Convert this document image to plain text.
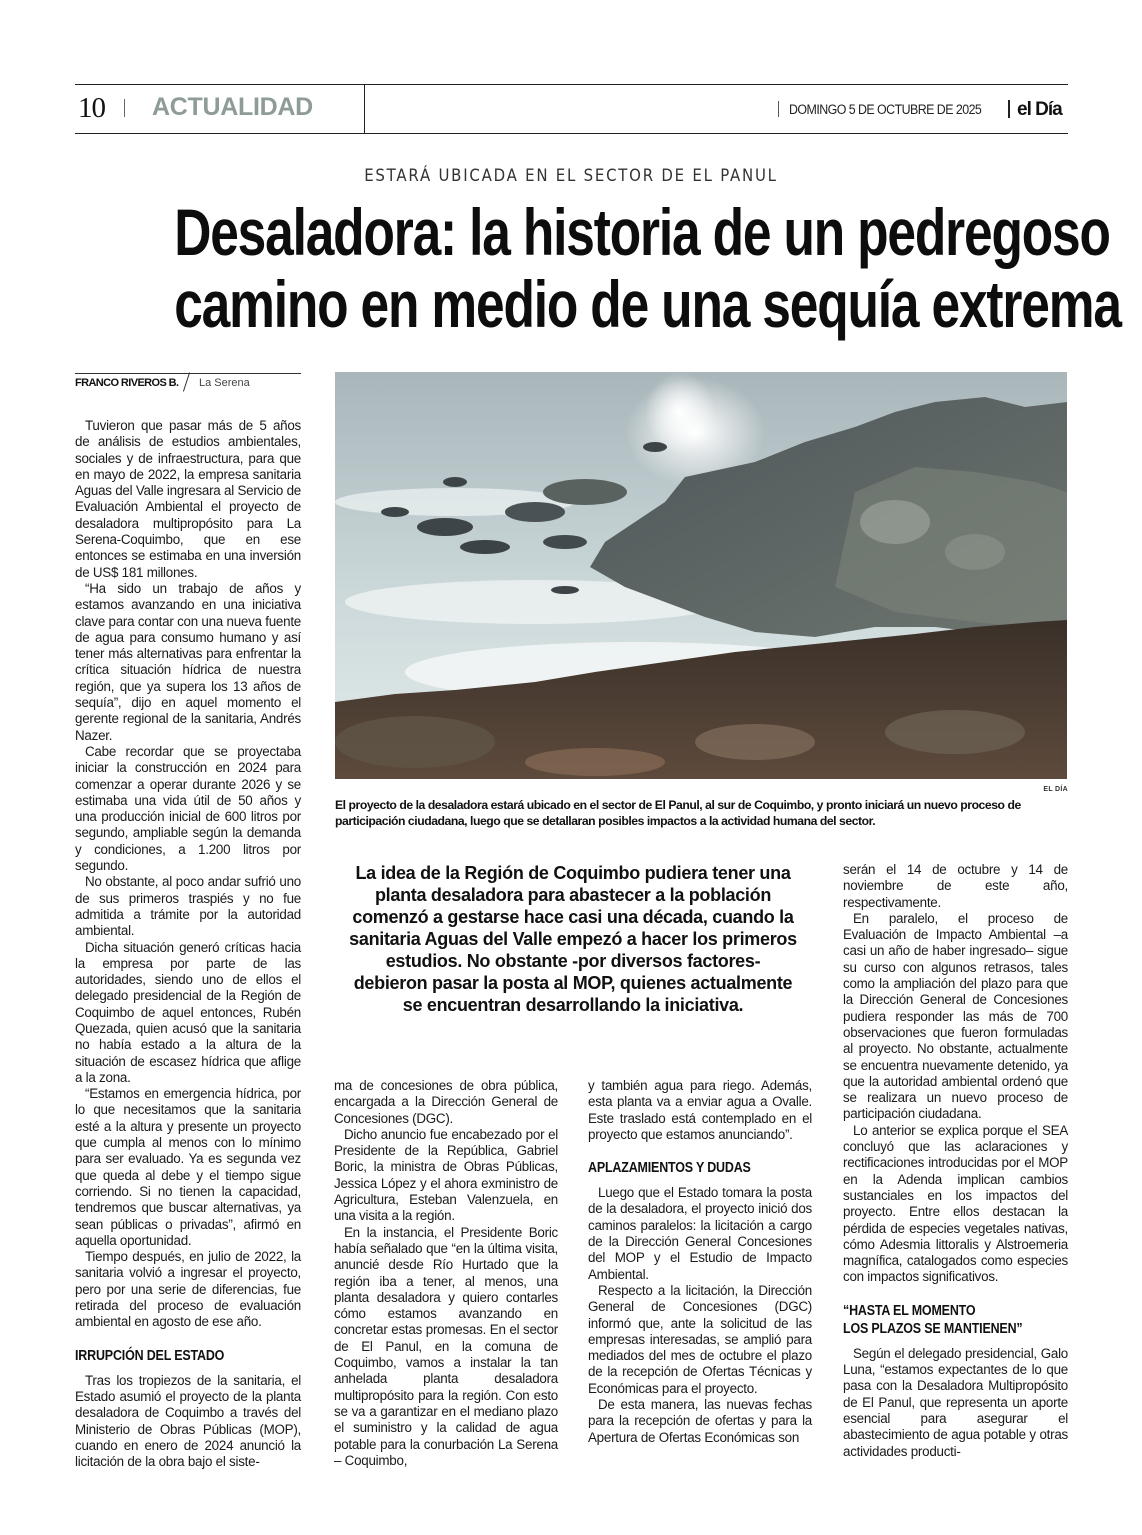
10 ACTUALIDAD	DOMINGO 5 DE OCTUBRE DE 2025 el Día
ESTARÁ UBICADA EN EL SECTOR DE EL PANUL
Desaladora: la historia de un pedregoso
camino en medio de una sequía extrema
FRANCO RIVEROS B. La Serena
EL DÍA
El proyecto de la desaladora estará ubicado en el sector de El Panul, al sur de Coquimbo, y pronto iniciará un nuevo proceso de participación ciudadana, luego que se detallaran posibles impactos a la actividad humana del sector.
La idea de la Región de Coquimbo pudiera tener una planta desaladora para abastecer a la población comenzó a gestarse hace casi una década, cuando la sanitaria Aguas del Valle empezó a hacer los primeros estudios. No obstante -por diversos factores- debieron pasar la posta al MOP, quienes actualmente se encuentran desarrollando la iniciativa.

Tuvieron que pasar más de 5 años de análisis de estudios ambientales, sociales y de infraestructura, para que en mayo de 2022, la empresa sanitaria Aguas del Valle ingresara al Servicio de Evaluación Ambiental el proyecto de desaladora multipropósito para La Serena-Coquimbo, que en ese entonces se estimaba en una inversión de US$ 181 millones.

“Ha sido un trabajo de años y estamos avanzando en una iniciativa clave para contar con una nueva fuente de agua para consumo humano y así tener más alternativas para enfrentar la crítica situación hídrica de nuestra región, que ya supera los 13 años de sequía”, dijo en aquel momento el gerente regional de la sanitaria, Andrés Nazer.

Cabe recordar que se proyectaba iniciar la construcción en 2024 para comenzar a operar durante 2026 y se estimaba una vida útil de 50 años y una producción inicial de 600 litros por segundo, ampliable según la demanda y condiciones, a 1.200 litros por segundo.

No obstante, al poco andar sufrió uno de sus primeros traspiés y no fue admitida a trámite por la autoridad ambiental.

Dicha situación generó críticas hacia la empresa por parte de las autoridades, siendo uno de ellos el delegado presidencial de la Región de Coquimbo de aquel entonces, Rubén Quezada, quien acusó que la sanitaria no había estado a la altura de la situación de escasez hídrica que aflige a la zona.

“Estamos en emergencia hídrica, por lo que necesitamos que la sanitaria esté a la altura y presente un proyecto que cumpla al menos con lo mínimo para ser evaluado. Ya es segunda vez que queda al debe y el tiempo sigue corriendo. Si no tienen la capacidad, tendremos que buscar alternativas, ya sean públicas o privadas”, afirmó en aquella oportunidad.

Tiempo después, en julio de 2022, la sanitaria volvió a ingresar el proyecto, pero por una serie de diferencias, fue retirada del proceso de evaluación ambiental en agosto de ese año.

IRRUPCIÓN DEL ESTADO

Tras los tropiezos de la sanitaria, el Estado asumió el proyecto de la planta desaladora de Coquimbo a través del Ministerio de Obras Públicas (MOP), cuando en enero de 2024 anunció la licitación de la obra bajo el siste-

ma de concesiones de obra pública, encargada a la Dirección General de Concesiones (DGC).

Dicho anuncio fue encabezado por el Presidente de la República, Gabriel Boric, la ministra de Obras Públicas, Jessica López y el ahora exministro de Agricultura, Esteban Valenzuela, en una visita a la región.

En la instancia, el Presidente Boric había señalado que “en la última visita, anuncié desde Río Hurtado que la región iba a tener, al menos, una planta desaladora y quiero contarles cómo estamos avanzando en concretar estas promesas. En el sector de El Panul, en la comuna de Coquimbo, vamos a instalar la tan anhelada planta desaladora multipropósito para la región. Con esto se va a garantizar en el mediano plazo el suministro y la calidad de agua potable para la conurbación La Serena – Coquimbo,

y también agua para riego. Además, esta planta va a enviar agua a Ovalle. Este traslado está contemplado en el proyecto que estamos anunciando”.

APLAZAMIENTOS Y DUDAS

Luego que el Estado tomara la posta de la desaladora, el proyecto inició dos caminos paralelos: la licitación a cargo de la Dirección General Concesiones del MOP y el Estudio de Impacto Ambiental.

Respecto a la licitación, la Dirección General de Concesiones (DGC) informó que, ante la solicitud de las empresas interesadas, se amplió para mediados del mes de octubre el plazo de la recepción de Ofertas Técnicas y Económicas para el proyecto.

De esta manera, las nuevas fechas para la recepción de ofertas y para la Apertura de Ofertas Económicas son

serán el 14 de octubre y 14 de noviembre de este año, respectivamente.

En paralelo, el proceso de Evaluación de Impacto Ambiental –a casi un año de haber ingresado– sigue su curso con algunos retrasos, tales como la ampliación del plazo para que la Dirección General de Concesiones pudiera responder las más de 700 observaciones que fueron formuladas al proyecto. No obstante, actualmente se encuentra nuevamente detenido, ya que la autoridad ambiental ordenó que se realizara un nuevo proceso de participación ciudadana.

Lo anterior se explica porque el SEA concluyó que las aclaraciones y rectificaciones introducidas por el MOP en la Adenda implican cambios sustanciales en los impactos del proyecto. Entre ellos destacan la pérdida de especies vegetales nativas, cómo Adesmia littoralis y Alstroemeria magnífica, catalogados como especies con impactos significativos.

“HASTA EL MOMENTO
LOS PLAZOS SE MANTIENEN”

Según el delegado presidencial, Galo Luna, “estamos expectantes de lo que pasa con la Desaladora Multipropósito de El Panul, que representa un aporte esencial para asegurar el abastecimiento de agua potable y otras actividades producti-
